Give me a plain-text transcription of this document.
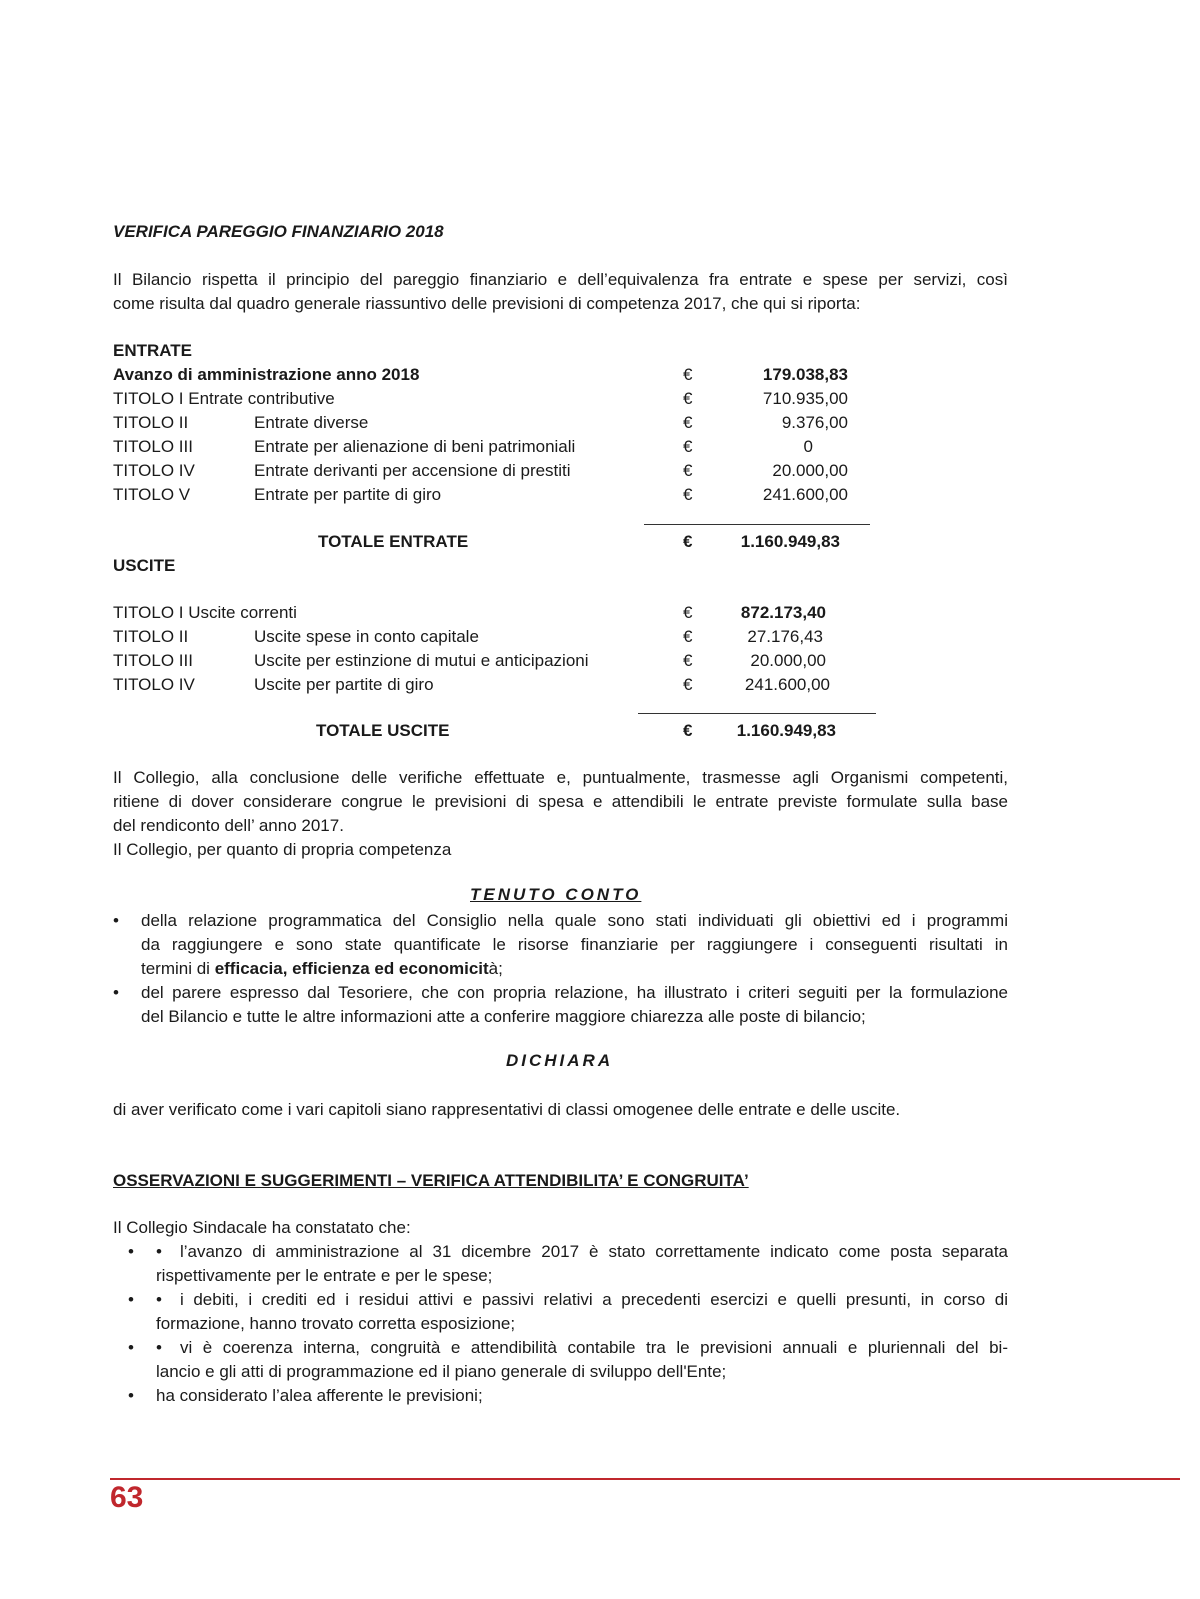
VERIFICA PAREGGIO FINANZIARIO 2018
Il Bilancio rispetta il principio del pareggio finanziario e dell’equivalenza fra entrate e spese per servizi, così
come risulta dal quadro generale riassuntivo delle previsioni di competenza 2017, che qui si riporta:
ENTRATE
Avanzo di amministrazione anno 2018	€	179.038,83
TITOLO I Entrate contributive	€	710.935,00
TITOLO II	Entrate diverse	€	9.376,00
TITOLO III	Entrate per alienazione di beni patrimoniali	€	0
TITOLO IV	Entrate derivanti per accensione di prestiti	€	20.000,00
TITOLO V	Entrate per partite di giro	€	241.600,00
TOTALE ENTRATE	€	1.160.949,83
USCITE
TITOLO I Uscite correnti	€	872.173,40
TITOLO II	Uscite spese in conto capitale	€	27.176,43
TITOLO III	Uscite per estinzione di mutui e anticipazioni	€	20.000,00
TITOLO IV	Uscite per partite di giro	€	241.600,00
TOTALE USCITE	€	1.160.949,83
Il Collegio, alla conclusione delle verifiche effettuate e, puntualmente, trasmesse agli Organismi competenti,
ritiene di dover considerare congrue le previsioni di spesa e attendibili le entrate previste formulate sulla base
del rendiconto dell’ anno 2017.
Il Collegio, per quanto di propria competenza
TENUTO CONTO
• della relazione programmatica del Consiglio nella quale sono stati individuati gli obiettivi ed i programmi
da raggiungere e sono state quantificate le risorse finanziarie per raggiungere i conseguenti risultati in
termini di efficacia, efficienza ed economicità;
• del parere espresso dal Tesoriere, che con propria relazione, ha illustrato i criteri seguiti per la formulazione
del Bilancio e tutte le altre informazioni atte a conferire maggiore chiarezza alle poste di bilancio;
DICHIARA
di aver verificato come i vari capitoli siano rappresentativi di classi omogenee delle entrate e delle uscite.
OSSERVAZIONI E SUGGERIMENTI – VERIFICA ATTENDIBILITA’ E CONGRUITA’
Il Collegio Sindacale ha constatato che:
• • l’avanzo di amministrazione al 31 dicembre 2017 è stato correttamente indicato come posta separata
rispettivamente per le entrate e per le spese;
• • i debiti, i crediti ed i residui attivi e passivi relativi a precedenti esercizi e quelli presunti, in corso di
formazione, hanno trovato corretta esposizione;
• • vi è coerenza interna, congruità e attendibilità contabile tra le previsioni annuali e pluriennali del bi-
lancio e gli atti di programmazione ed il piano generale di sviluppo dell'Ente;
• ha considerato l’alea afferente le previsioni;
63
